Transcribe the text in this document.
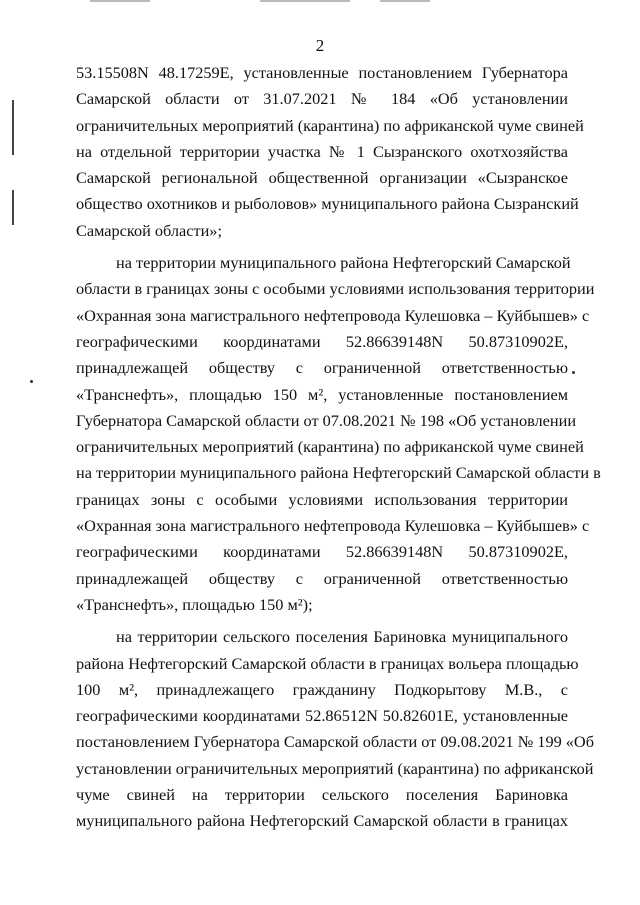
2
53.15508N 48.17259E, установленные постановлением Губернатора
Самарской области от 31.07.2021 № 184 «Об установлении
ограничительных мероприятий (карантина) по африканской чуме свиней
на отдельной территории участка № 1 Сызранского охотхозяйства
Самарской региональной общественной организации «Сызранское
общество охотников и рыболовов» муниципального района Сызранский
Самарской области»;
на территории муниципального района Нефтегорский Самарской
области в границах зоны с особыми условиями использования территории
«Охранная зона магистрального нефтепровода Кулешовка – Куйбышев» с
географическими координатами 52.86639148N 50.87310902E,
принадлежащей обществу с ограниченной ответственностью
«Транснефть», площадью 150 м², установленные постановлением
Губернатора Самарской области от 07.08.2021 № 198 «Об установлении
ограничительных мероприятий (карантина) по африканской чуме свиней
на территории муниципального района Нефтегорский Самарской области в
границах зоны с особыми условиями использования территории
«Охранная зона магистрального нефтепровода Кулешовка – Куйбышев» с
географическими координатами 52.86639148N 50.87310902E,
принадлежащей обществу с ограниченной ответственностью
«Транснефть», площадью 150 м²);
на территории сельского поселения Бариновка муниципального
района Нефтегорский Самарской области в границах вольера площадью
100 м², принадлежащего гражданину Подкорытову М.В., с
географическими координатами 52.86512N 50.82601E, установленные
постановлением Губернатора Самарской области от 09.08.2021 № 199 «Об
установлении ограничительных мероприятий (карантина) по африканской
чуме свиней на территории сельского поселения Бариновка
муниципального района Нефтегорский Самарской области в границах
